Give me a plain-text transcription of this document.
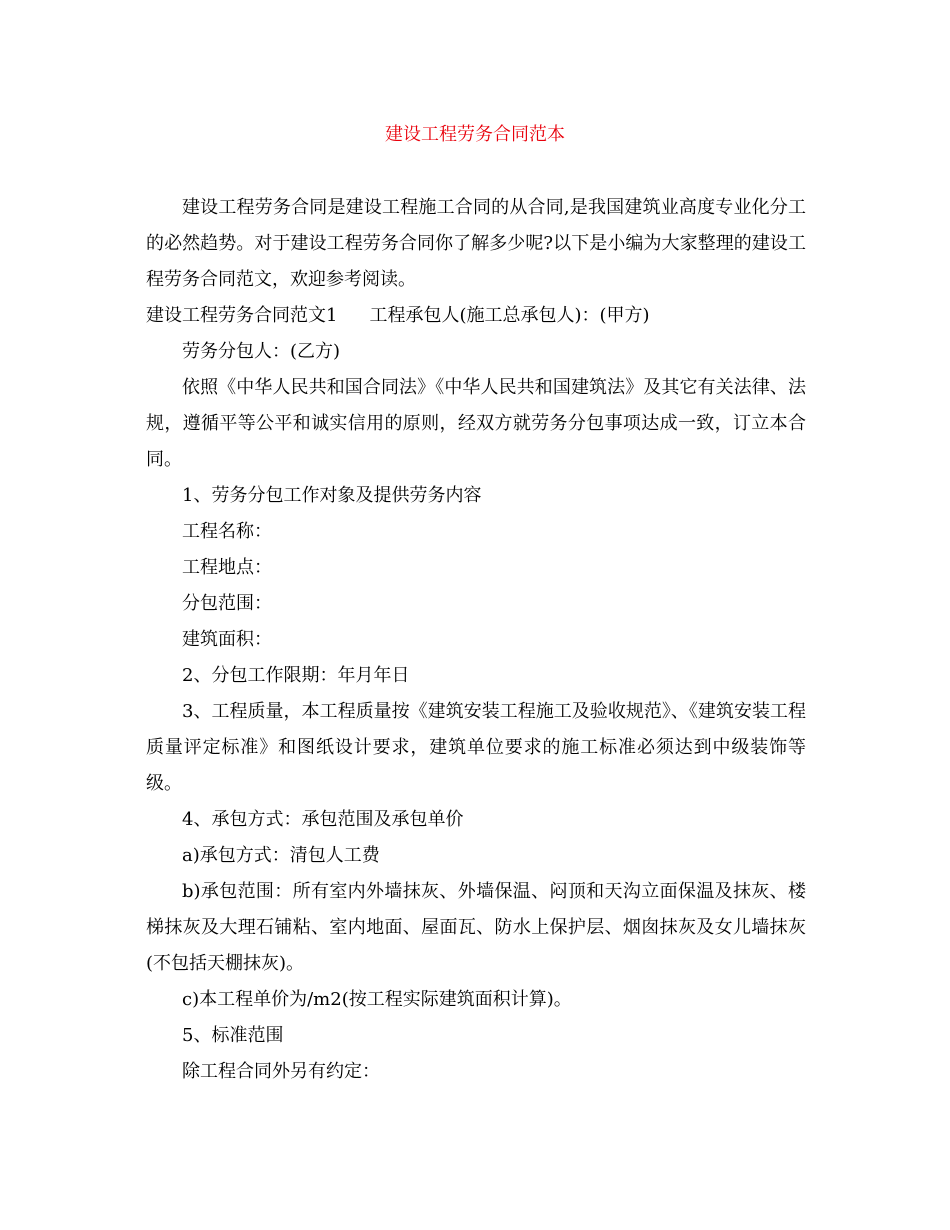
建设工程劳务合同范本

建设工程劳务合同是建设工程施工合同的从合同,是我国建筑业高度专业化分工的必然趋势。对于建设工程劳务合同你了解多少呢?以下是小编为大家整理的建设工程劳务合同范文，欢迎参考阅读。

建设工程劳务合同范文1 工程承包人(施工总承包人)：(甲方)

劳务分包人：(乙方)

依照《中华人民共和国合同法》《中华人民共和国建筑法》及其它有关法律、法规，遵循平等公平和诚实信用的原则，经双方就劳务分包事项达成一致，订立本合同。

1、劳务分包工作对象及提供劳务内容

工程名称：

工程地点：

分包范围：

建筑面积：

2、分包工作限期：年月年日

3、工程质量，本工程质量按《建筑安装工程施工及验收规范》、《建筑安装工程质量评定标准》和图纸设计要求，建筑单位要求的施工标准必须达到中级装饰等级。

4、承包方式：承包范围及承包单价

a)承包方式：清包人工费

b)承包范围：所有室内外墙抹灰、外墙保温、闷顶和天沟立面保温及抹灰、楼梯抹灰及大理石铺粘、室内地面、屋面瓦、防水上保护层、烟囱抹灰及女儿墙抹灰(不包括天棚抹灰)。

c)本工程单价为/m2(按工程实际建筑面积计算)。

5、标准范围

除工程合同外另有约定：
